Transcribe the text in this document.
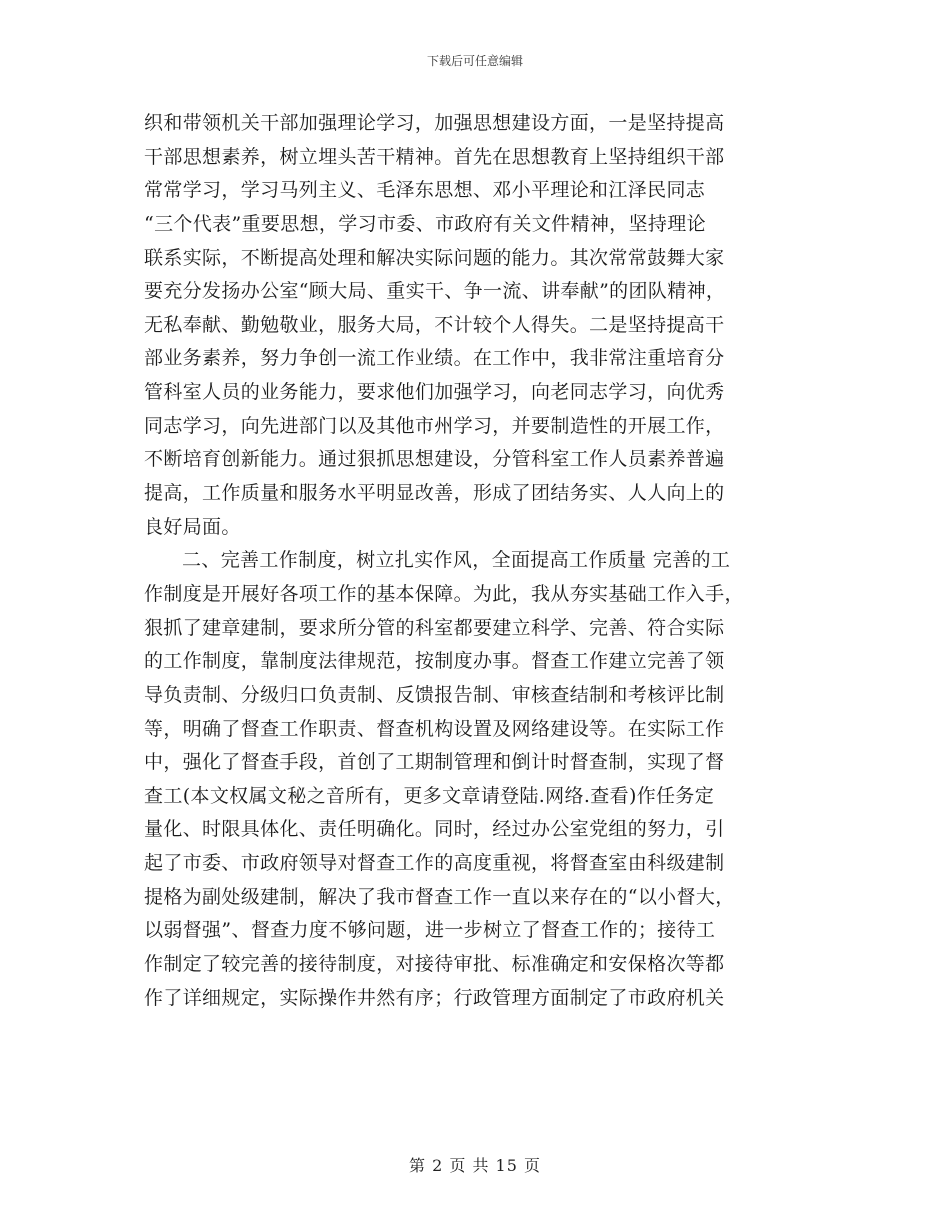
下载后可任意编辑
织和带领机关干部加强理论学习，加强思想建设方面，一是坚持提高
干部思想素养，树立埋头苦干精神。首先在思想教育上坚持组织干部
常常学习，学习马列主义、毛泽东思想、邓小平理论和江泽民同志
“三个代表”重要思想，学习市委、市政府有关文件精神，坚持理论
联系实际，不断提高处理和解决实际问题的能力。其次常常鼓舞大家
要充分发扬办公室“顾大局、重实干、争一流、讲奉献”的团队精神，
无私奉献、勤勉敬业，服务大局，不计较个人得失。二是坚持提高干
部业务素养，努力争创一流工作业绩。在工作中，我非常注重培育分
管科室人员的业务能力，要求他们加强学习，向老同志学习，向优秀
同志学习，向先进部门以及其他市州学习，并要制造性的开展工作，
不断培育创新能力。通过狠抓思想建设，分管科室工作人员素养普遍
提高，工作质量和服务水平明显改善，形成了团结务实、人人向上的
良好局面。
二、完善工作制度，树立扎实作风，全面提高工作质量 完善的工
作制度是开展好各项工作的基本保障。为此，我从夯实基础工作入手，
狠抓了建章建制，要求所分管的科室都要建立科学、完善、符合实际
的工作制度，靠制度法律规范，按制度办事。督查工作建立完善了领
导负责制、分级归口负责制、反馈报告制、审核查结制和考核评比制
等，明确了督查工作职责、督查机构设置及网络建设等。在实际工作
中，强化了督查手段，首创了工期制管理和倒计时督查制，实现了督
查工(本文权属文秘之音所有，更多文章请登陆.网络.查看)作任务定
量化、时限具体化、责任明确化。同时，经过办公室党组的努力，引
起了市委、市政府领导对督查工作的高度重视，将督查室由科级建制
提格为副处级建制，解决了我市督查工作一直以来存在的“以小督大，
以弱督强”、督查力度不够问题，进一步树立了督查工作的；接待工
作制定了较完善的接待制度，对接待审批、标准确定和安保格次等都
作了详细规定，实际操作井然有序；行政管理方面制定了市政府机关
第 2 页 共 15 页
